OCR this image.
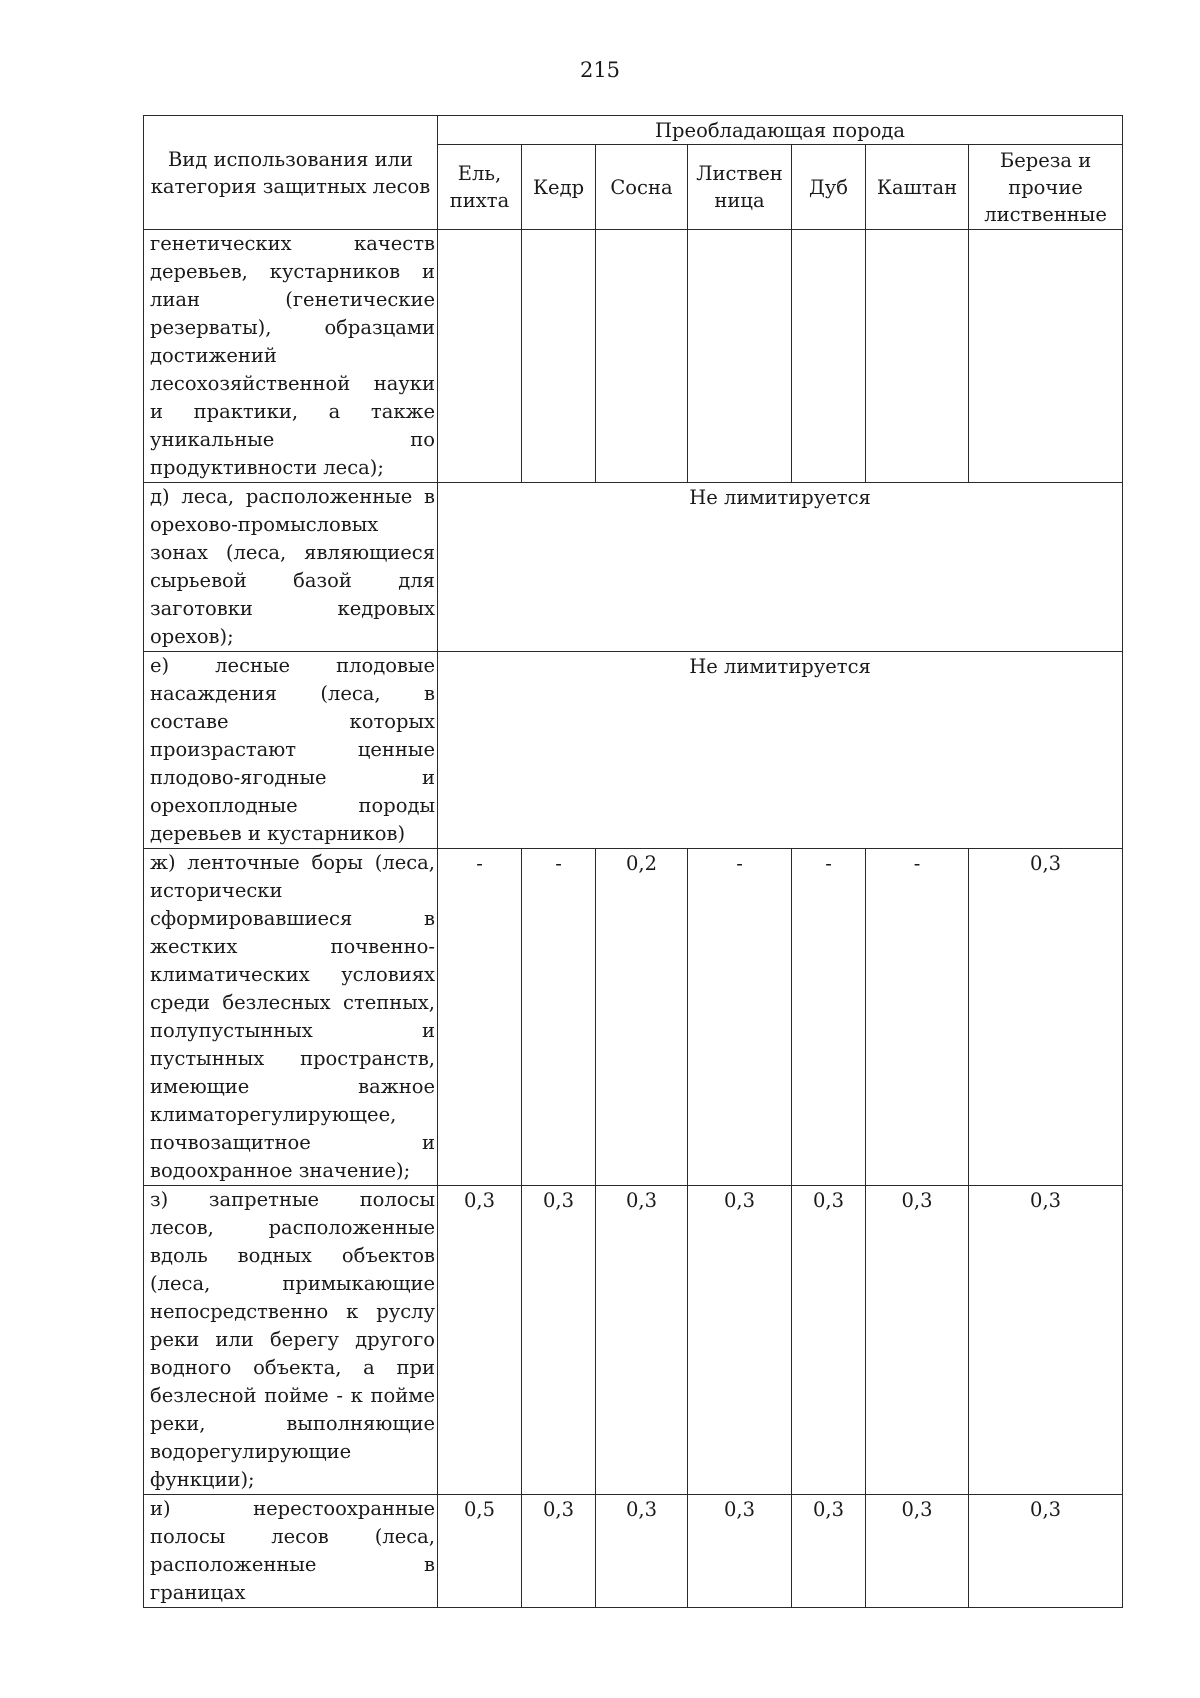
215
Вид использования или категория защитных лесов	Преобладающая порода						
	Ель, пихта	Кедр	Сосна	Листвен ница	Дуб	Каштан	Береза и прочие лиственные
генетических качеств деревьев, кустарников и лиан (генетические резерваты), образцами достижений лесохозяйственной науки и практики, а также уникальные по продуктивности леса);							
д) леса, расположенные в орехово-промысловых зонах (леса, являющиеся сырьевой базой для заготовки кедровых орехов);	Не лимитируется						
е) лесные плодовые насаждения (леса, в составе которых произрастают ценные плодово-ягодные и орехоплодные породы деревьев и кустарников)	Не лимитируется						
ж) ленточные боры (леса, исторически сформировавшиеся в жестких почвенно-климатических условиях среди безлесных степных, полупустынных и пустынных пространств, имеющие важное климаторегулирующее, почвозащитное и водоохранное значение);	-	-	0,2	-	-	-	0,3
з) запретные полосы лесов, расположенные вдоль водных объектов (леса, примыкающие непосредственно к руслу реки или берегу другого водного объекта, а при безлесной пойме - к пойме реки, выполняющие водорегулирующие функции);	0,3	0,3	0,3	0,3	0,3	0,3	0,3
и) нерестоохранные полосы лесов (леса, расположенные в границах	0,5	0,3	0,3	0,3	0,3	0,3	0,3
